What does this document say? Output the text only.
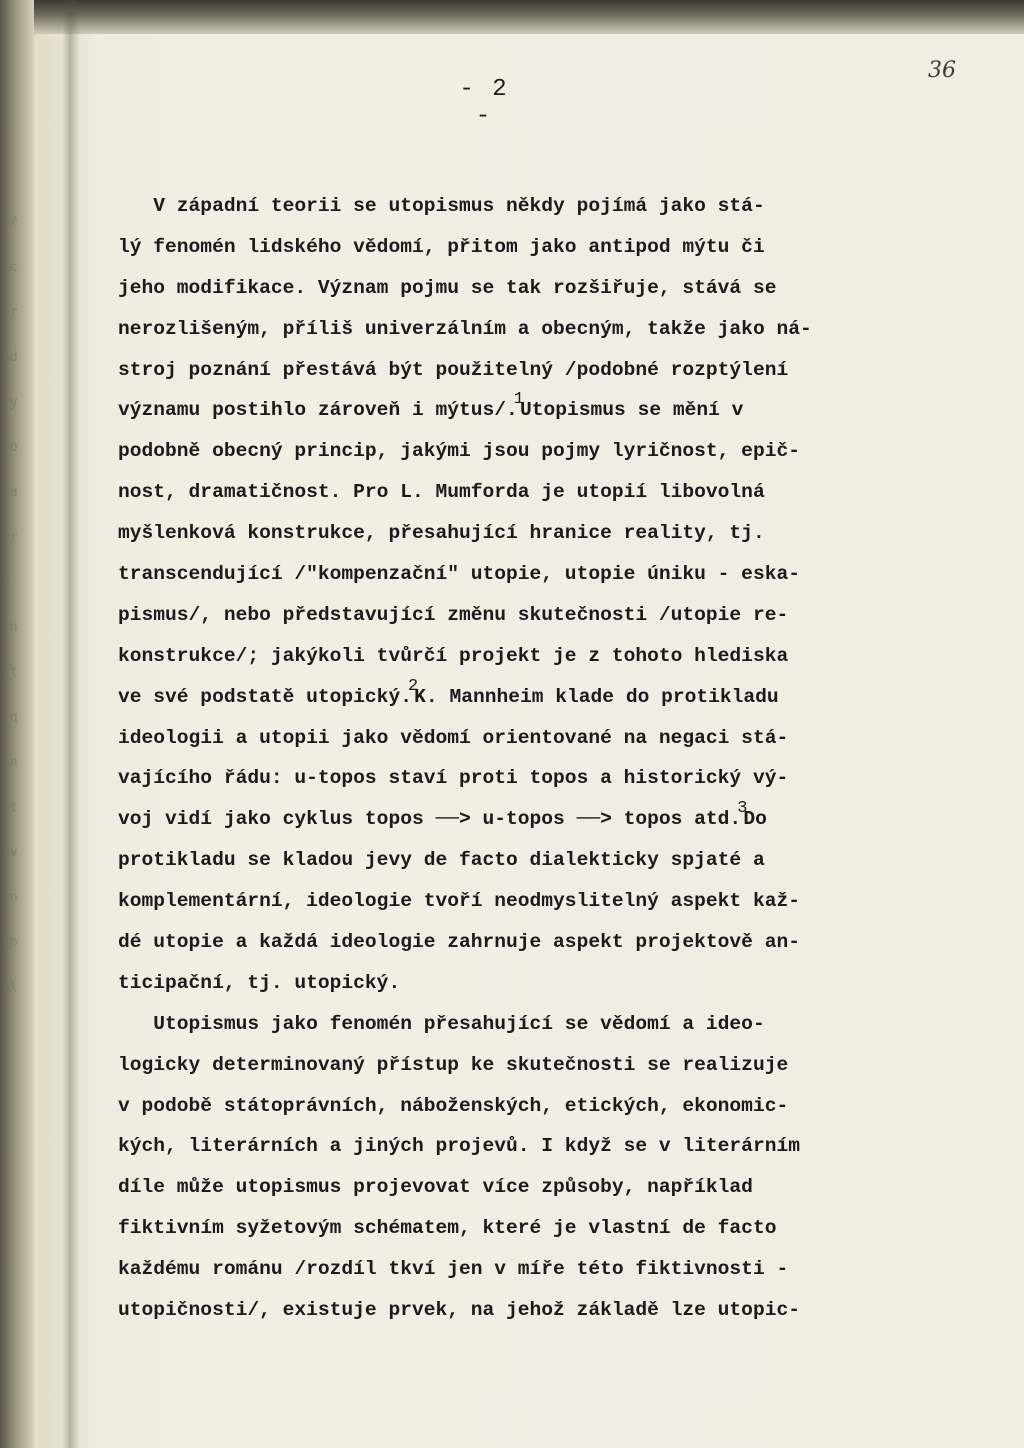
bř
ic
or
od
ry
oo
ra
or
v
ln
st
rq
sn
st
yv
sn
gb
ol
- 2 -
36
V západní teorii se utopismus někdy pojímá jako stá-
lý fenomén lidského vědomí, přitom jako antipod mýtu či
jeho modifikace. Význam pojmu se tak rozšiřuje, stává se
nerozlišeným, příliš univerzálním a obecným, takže jako ná-
stroj poznání přestává být použitelný /podobné rozptýlení
významu postihlo zároveň i mýtus/.1Utopismus se mění v
podobně obecný princip, jakými jsou pojmy lyričnost, epič-
nost, dramatičnost. Pro L. Mumforda je utopií libovolná
myšlenková konstrukce, přesahující hranice reality, tj.
transcendující /"kompenzační" utopie, utopie úniku - eska-
pismus/, nebo představující změnu skutečnosti /utopie re-
konstrukce/; jakýkoli tvůrčí projekt je z tohoto hlediska
ve své podstatě utopický.2K. Mannheim klade do protikladu
ideologii a utopii jako vědomí orientované na negaci stá-
vajícího řádu: u-topos staví proti topos a historický vý-
voj vidí jako cyklus topos ──> u-topos ──> topos atd.3Do
protikladu se kladou jevy de facto dialekticky spjaté a
komplementární, ideologie tvoří neodmyslitelný aspekt kaž-
dé utopie a každá ideologie zahrnuje aspekt projektově an-
ticipační, tj. utopický.
Utopismus jako fenomén přesahující se vědomí a ideo-
logicky determinovaný přístup ke skutečnosti se realizuje
v podobě státoprávních, náboženských, etických, ekonomic-
kých, literárních a jiných projevů. I když se v literárním
díle může utopismus projevovat více způsoby, například
fiktivním syžetovým schématem, které je vlastní de facto
každému románu /rozdíl tkví jen v míře této fiktivnosti -
utopičnosti/, existuje prvek, na jehož základě lze utopic-
